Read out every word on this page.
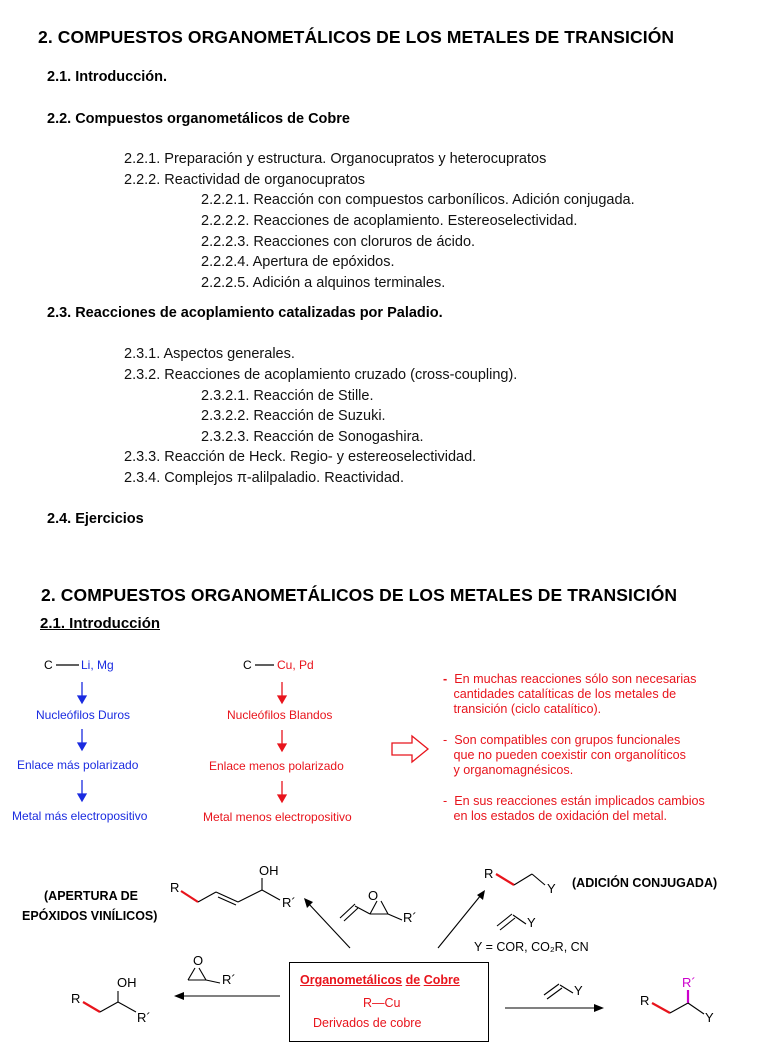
2. COMPUESTOS ORGANOMETÁLICOS DE LOS METALES DE TRANSICIÓN
2.1. Introducción.
2.2. Compuestos organometálicos de Cobre
2.2.1. Preparación y estructura. Organocupratos y heterocupratos
2.2.2. Reactividad de organocupratos
2.2.2.1. Reacción con compuestos carbonílicos. Adición conjugada.
2.2.2.2. Reacciones de acoplamiento. Estereoselectividad.
2.2.2.3. Reacciones con cloruros de ácido.
2.2.2.4. Apertura de epóxidos.
2.2.2.5. Adición a alquinos terminales.
2.3. Reacciones de acoplamiento catalizadas por Paladio.
2.3.1. Aspectos generales.
2.3.2. Reacciones de acoplamiento cruzado (cross-coupling).
2.3.2.1. Reacción de Stille.
2.3.2.2. Reacción de Suzuki.
2.3.2.3. Reacción de Sonogashira.
2.3.3. Reacción de Heck. Regio- y estereoselectividad.
2.3.4. Complejos π-alilpaladio. Reactividad.
2.4. Ejercicios
2. COMPUESTOS ORGANOMETÁLICOS DE LOS METALES DE TRANSICIÓN
2.1. Introducción
C Li, Mg
Nucleófilos Duros
Enlace más polarizado
Metal más electropositivo
C Cu, Pd
Nucleófilos Blandos
Enlace menos polarizado
Metal menos electropositivo
- En muchas reacciones sólo son necesarias
cantidades catalíticas de los metales de
transición (ciclo catalítico).
- Son compatibles con grupos funcionales
que no pueden coexistir con organolíticos
y organomagnésicos.
- En sus reacciones están implicados cambios
en los estados de oxidación del metal.
(APERTURA DE
EPÓXIDOS VINÍLICOS)
(ADICIÓN CONJUGADA)
Y = COR, CO₂R, CN
R
OH
R´	O
R´
R
Y
Y
OH
R
R´
O
R´
Y
R´
R
Y
Organometálicos de Cobre
R—Cu
Derivados de cobre
